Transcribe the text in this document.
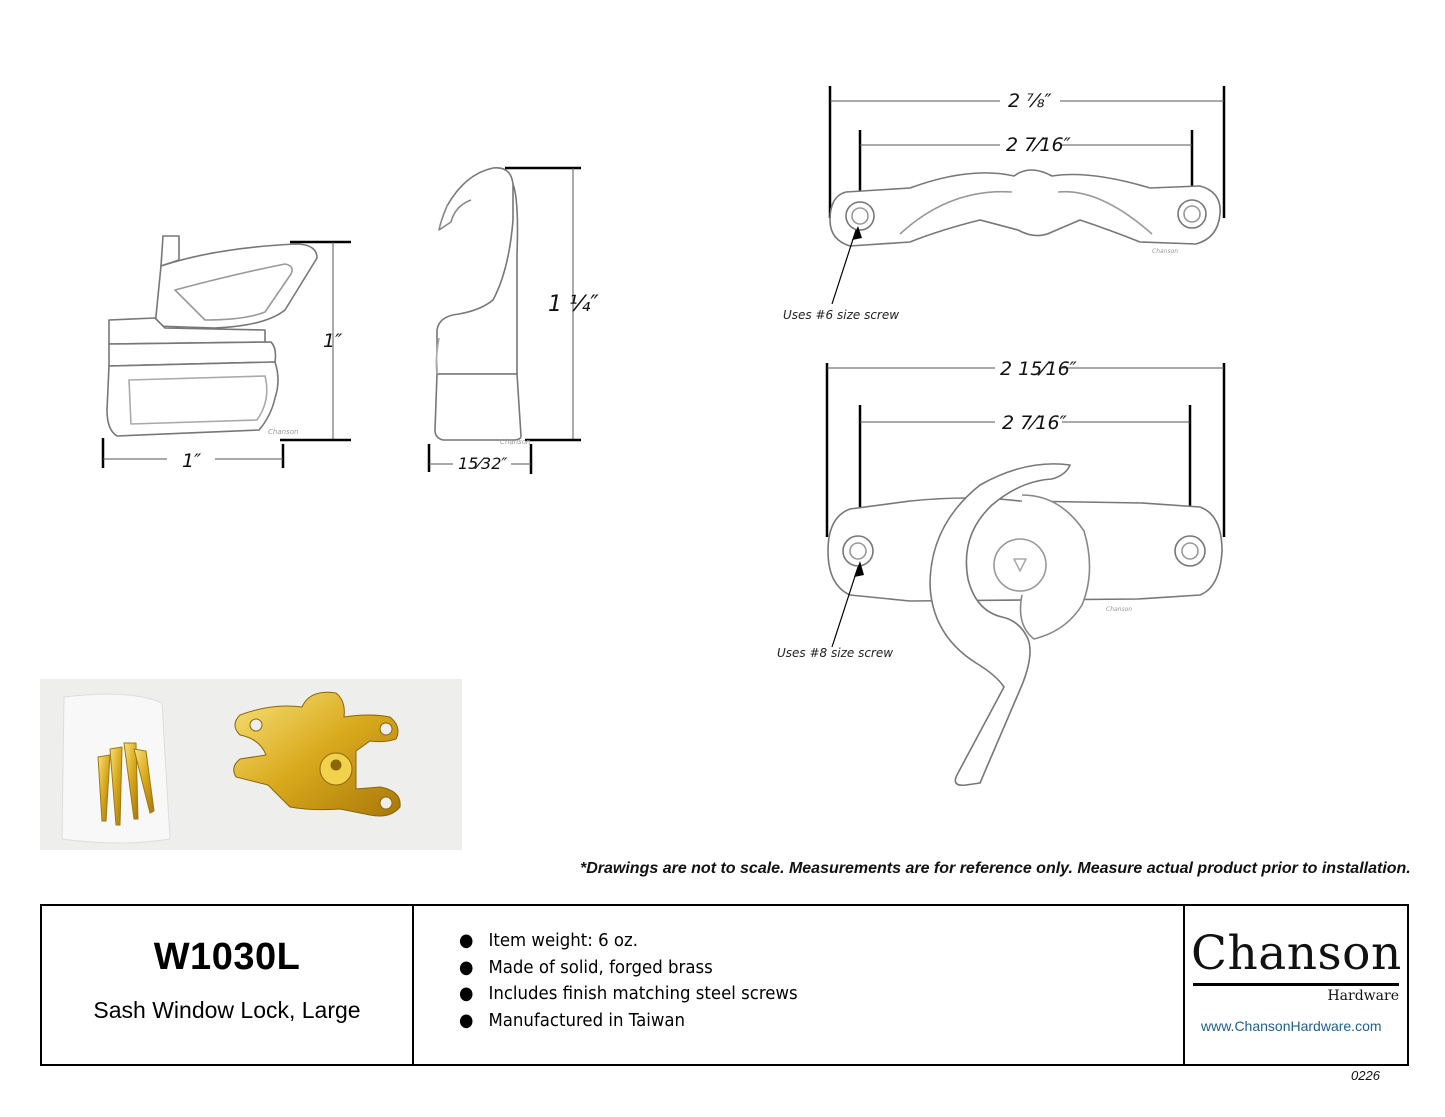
1″
1″
Chanson
1 ¼″
15⁄32″
Chanson
2 ⅞″
2 7⁄16″
Uses #6 size screw
Chanson
2 15⁄16″
2 7⁄16″
Uses #8 size screw
Chanson
*Drawings are not to scale. Measurements are for reference only. Measure actual product prior to installation.
W1030L
Sash Window Lock, Large
● Item weight: 6 oz.
● Made of solid, forged brass
● Includes finish matching steel screws
● Manufactured in Taiwan
Chanson
Hardware
www.ChansonHardware.com
0226
